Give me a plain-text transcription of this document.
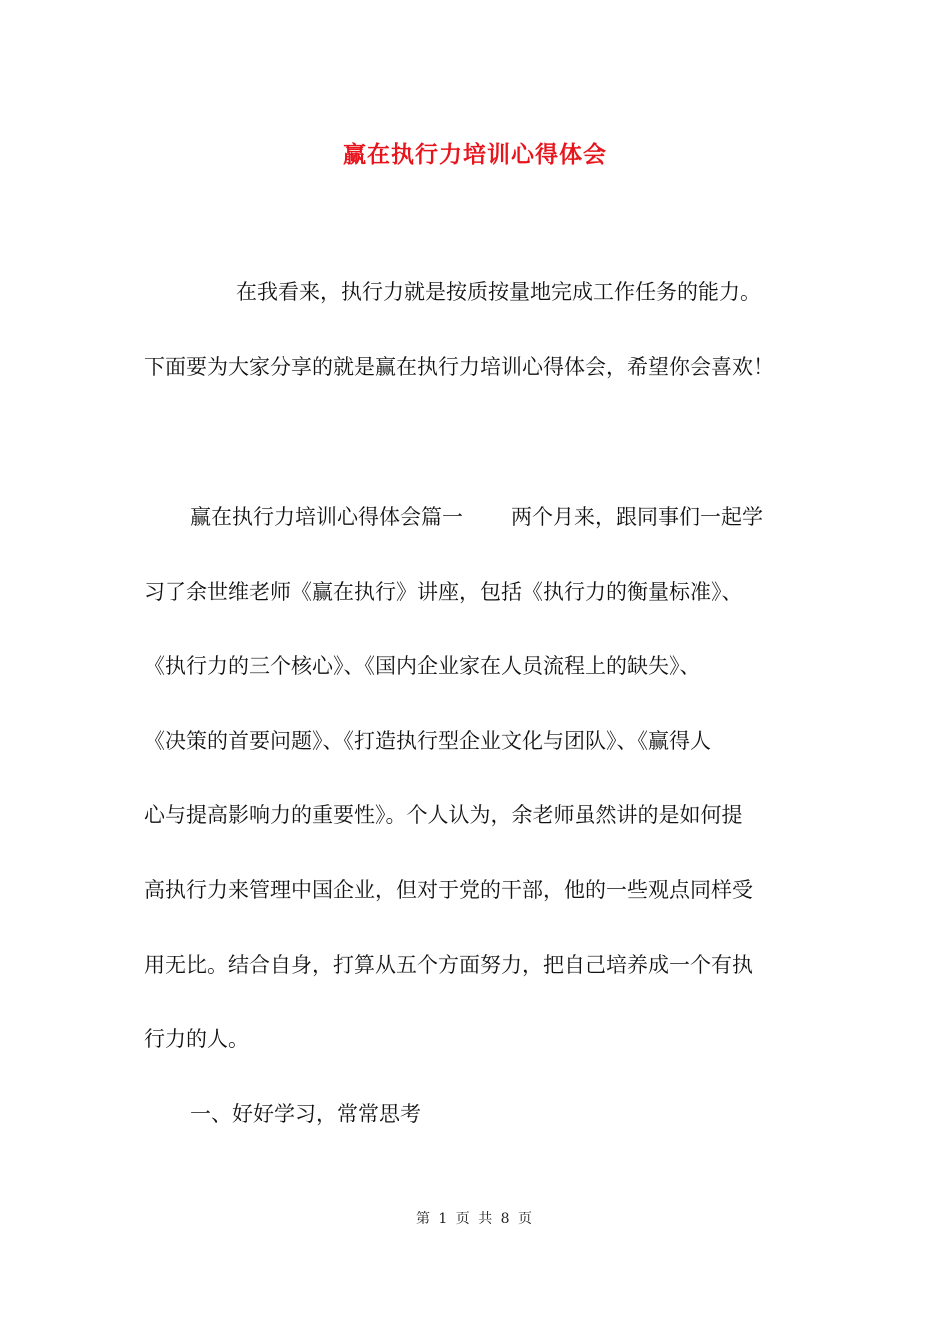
赢在执行力培训心得体会
在我看来，执行力就是按质按量地完成工作任务的能力。
下面要为大家分享的就是赢在执行力培训心得体会，希望你会喜欢！
赢在执行力培训心得体会篇一 两个月来，跟同事们一起学
习了余世维老师《赢在执行》讲座，包括《执行力的衡量标准》、
《执行力的三个核心》、《国内企业家在人员流程上的缺失》、
《决策的首要问题》、《打造执行型企业文化与团队》、《赢得人
心与提高影响力的重要性》。个人认为，余老师虽然讲的是如何提
高执行力来管理中国企业，但对于党的干部，他的一些观点同样受
用无比。结合自身，打算从五个方面努力，把自己培养成一个有执
行力的人。
一、好好学习，常常思考
第 1 页 共 8 页
